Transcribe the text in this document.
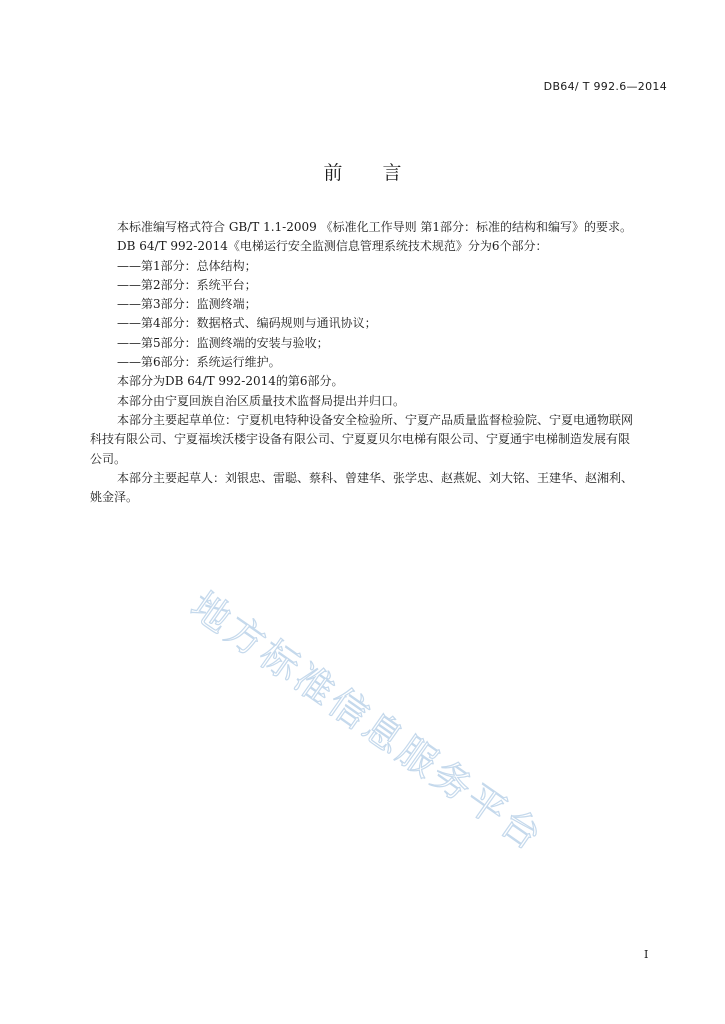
DB64/ T 992.6—2014
前 言

本标准编写格式符合 GB/T 1.1-2009 《标准化工作导则 第1部分：标准的结构和编写》的要求。

DB 64/T 992-2014《电梯运行安全监测信息管理系统技术规范》分为6个部分：

——第1部分：总体结构；

——第2部分：系统平台；

——第3部分：监测终端；

——第4部分：数据格式、编码规则与通讯协议；

——第5部分：监测终端的安装与验收；

——第6部分：系统运行维护。

本部分为DB 64/T 992-2014的第6部分。

本部分由宁夏回族自治区质量技术监督局提出并归口。

本部分主要起草单位：宁夏机电特种设备安全检验所、宁夏产品质量监督检验院、宁夏电通物联网

科技有限公司、宁夏福埃沃楼宇设备有限公司、宁夏夏贝尔电梯有限公司、宁夏通宇电梯制造发展有限

公司。

本部分主要起草人：刘银忠、雷聪、蔡科、曾建华、张学忠、赵燕妮、刘大铭、王建华、赵湘利、

姚金泽。

地方标准信息服务平台
I
